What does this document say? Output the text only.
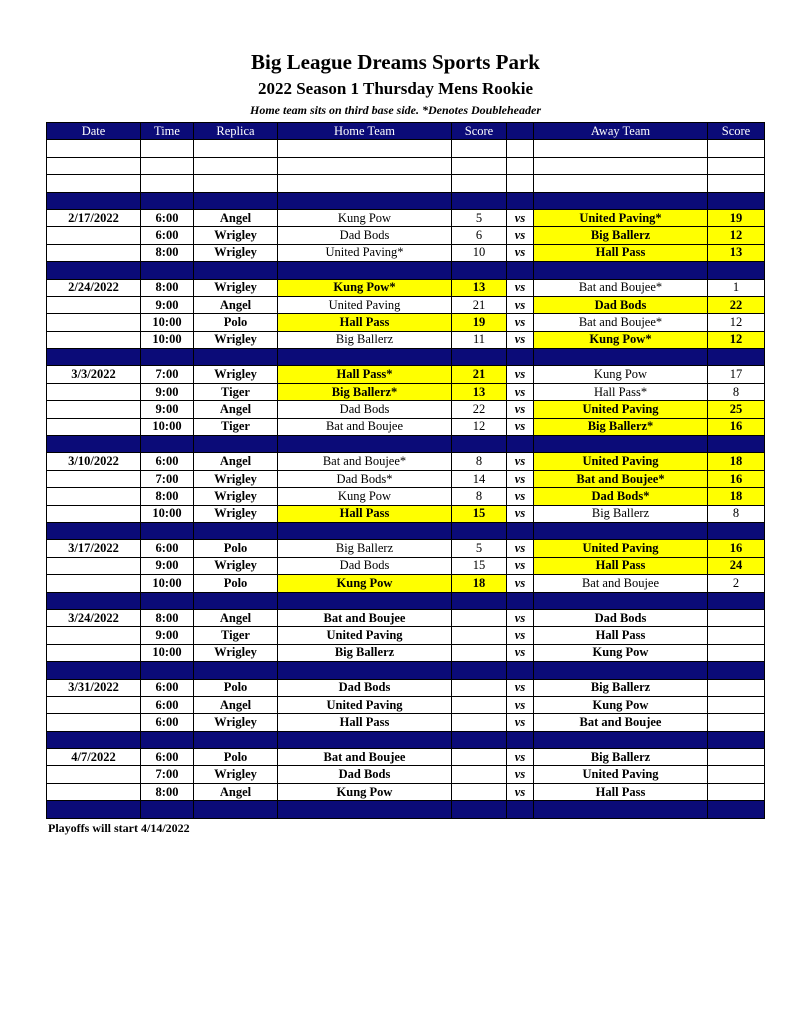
Big League Dreams Sports Park
2022 Season 1 Thursday Mens Rookie
Home team sits on third base side. *Denotes Doubleheader
Date	Time	Replica	Home Team	Score		Away Team	Score

2/17/2022	6:00	Angel	Kung Pow	5	vs	United Paving*	19
	6:00	Wrigley	Dad Bods	6	vs	Big Ballerz	12
	8:00	Wrigley	United Paving*	10	vs	Hall Pass	13

2/24/2022	8:00	Wrigley	Kung Pow*	13	vs	Bat and Boujee*	1
	9:00	Angel	United Paving	21	vs	Dad Bods	22
	10:00	Polo	Hall Pass	19	vs	Bat and Boujee*	12
	10:00	Wrigley	Big Ballerz	11	vs	Kung Pow*	12

3/3/2022	7:00	Wrigley	Hall Pass*	21	vs	Kung Pow	17
	9:00	Tiger	Big Ballerz*	13	vs	Hall Pass*	8
	9:00	Angel	Dad Bods	22	vs	United Paving	25
	10:00	Tiger	Bat and Boujee	12	vs	Big Ballerz*	16

3/10/2022	6:00	Angel	Bat and Boujee*	8	vs	United Paving	18
	7:00	Wrigley	Dad Bods*	14	vs	Bat and Boujee*	16
	8:00	Wrigley	Kung Pow	8	vs	Dad Bods*	18
	10:00	Wrigley	Hall Pass	15	vs	Big Ballerz	8

3/17/2022	6:00	Polo	Big Ballerz	5	vs	United Paving	16
	9:00	Wrigley	Dad Bods	15	vs	Hall Pass	24
	10:00	Polo	Kung Pow	18	vs	Bat and Boujee	2

3/24/2022	8:00	Angel	Bat and Boujee		vs	Dad Bods	
	9:00	Tiger	United Paving		vs	Hall Pass	
	10:00	Wrigley	Big Ballerz		vs	Kung Pow	

3/31/2022	6:00	Polo	Dad Bods		vs	Big Ballerz	
	6:00	Angel	United Paving		vs	Kung Pow	
	6:00	Wrigley	Hall Pass		vs	Bat and Boujee	

4/7/2022	6:00	Polo	Bat and Boujee		vs	Big Ballerz	
	7:00	Wrigley	Dad Bods		vs	United Paving	
	8:00	Angel	Kung Pow		vs	Hall Pass	

Playoffs will start 4/14/2022
